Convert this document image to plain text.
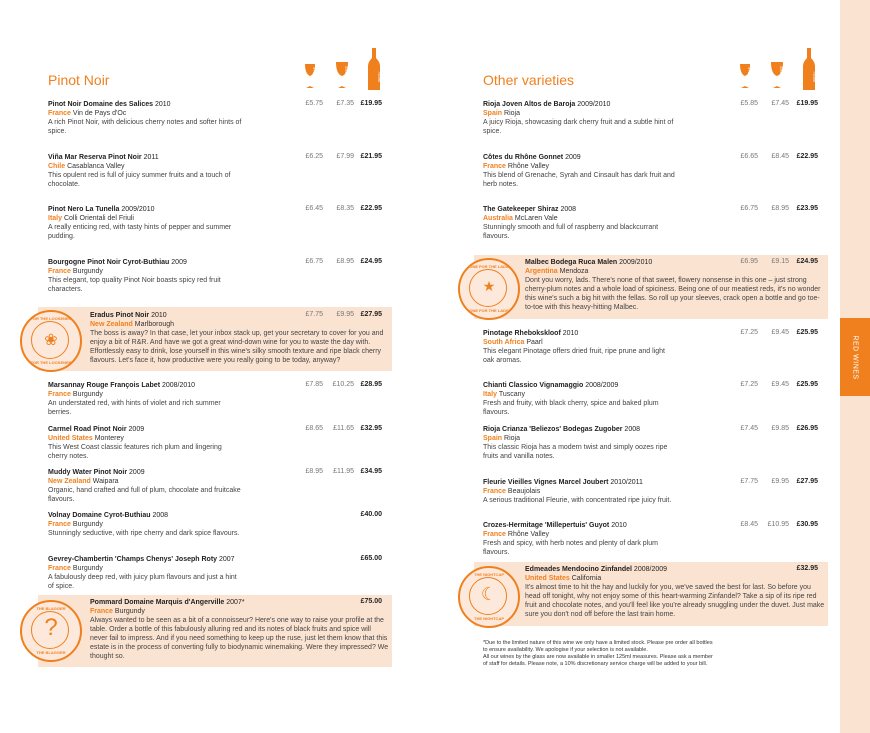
RED WINES
Pinot Noir	175ml	250ml	750ml
FOR THE LOOSENER
❀
FOR THE LOOSENER
THE BLAGGER
?
THE BLAGGER
Pinot Noir Domaine des Salices 2010
France Vin de Pays d'Oc
A rich Pinot Noir, with delicious cherry notes and softer hints of spice.
£5.75	£7.35 £19.95
Viña Mar Reserva Pinot Noir 2011
Chile Casablanca Valley
This opulent red is full of juicy summer fruits and a touch of chocolate.
£6.25	£7.99 £21.95
Pinot Nero La Tunella 2009/2010
Italy Colli Orientali del Friuli
A really enticing red, with tasty hints of pepper and summer pudding.
£6.45	£8.35 £22.95
Bourgogne Pinot Noir Cyrot-Buthiau 2009
France Burgundy
This elegant, top quality Pinot Noir boasts spicy red fruit characters.
£6.75	£8.95 £24.95
Eradus Pinot Noir 2010
New Zealand Marlborough
The boss is away? In that case, let your inbox stack up, get your secretary to cover for you and enjoy a bit of R&R. And have we got a great wind-down wine for you to waste the day with. Effortlessly easy to drink, lose yourself in this wine's silky smooth texture and ripe black cherry flavours. Let's face it, how productive were you really going to be today, anyway?
£7.75	£9.95 £27.95
Marsannay Rouge François Labet 2008/2010
France Burgundy
An understated red, with hints of violet and rich summer berries.
£7.85	£10.25 £28.95
Carmel Road Pinot Noir 2009
United States Monterey
This West Coast classic features rich plum and lingering cherry notes.
£8.65	£11.65 £32.95
Muddy Water Pinot Noir 2009
New Zealand Waipara
Organic, hand crafted and full of plum, chocolate and fruitcake flavours.
£8.95	£11.95 £34.95
Volnay Domaine Cyrot-Buthiau 2008
France Burgundy
Stunningly seductive, with ripe cherry and dark spice flavours.
£40.00
Gevrey-Chambertin 'Champs Chenys' Joseph Roty 2007
France Burgundy
A fabulously deep red, with juicy plum flavours and just a hint of spice.
£65.00
Pommard Domaine Marquis d'Angerville 2007*
France Burgundy
Always wanted to be seen as a bit of a connoisseur? Here's one way to raise your profile at the table. Order a bottle of this fabulously alluring red and its notes of black fruits and spice will never fail to impress. And if you need something to keep up the ruse, just let them know that this estate is in the process of converting fully to biodynamic winemaking. Were they impressed? We thought so.
£75.00
Other varieties	175ml	250ml	750ml
ONE FOR THE LADS
★
ONE FOR THE LADS
THE NIGHTCAP
☾
THE NIGHTCAP
Rioja Joven Altos de Baroja 2009/2010
Spain Rioja
A juicy Rioja, showcasing dark cherry fruit and a subtle hint of spice.
£5.85	£7.45	£19.95
Côtes du Rhône Gonnet 2009
France Rhône Valley
This blend of Grenache, Syrah and Cinsault has dark fruit and herb notes.
£6.65	£8.45	£22.95
The Gatekeeper Shiraz 2008
Australia McLaren Vale
Stunningly smooth and full of raspberry and blackcurrant flavours.
£6.75	£8.95	£23.95
Malbec Bodega Ruca Malen 2009/2010
Argentina Mendoza
Dont you worry, lads. There's none of that sweet, flowery nonsense in this one – just strong cherry-plum notes and a whole load of spiciness. Being one of our meatiest reds, it's no wonder this wine's such a big hit with the fellas. So roll up your sleeves, crack open a bottle and go toe-to-toe with this heavy-hitting Malbec.
£6.95	£9.15	£24.95
Pinotage Rhebokskloof 2010
South Africa Paarl
This elegant Pinotage offers dried fruit, ripe prune and light oak aromas.
£7.25	£9.45	£25.95
Chianti Classico Vignamaggio 2008/2009
Italy Tuscany
Fresh and fruity, with black cherry, spice and baked plum flavours.
£7.25	£9.45	£25.95
Rioja Crianza 'Beliezos' Bodegas Zugober 2008
Spain Rioja
This classic Rioja has a modern twist and simply oozes ripe fruits and vanilla notes.
£7.45	£9.85	£26.95
Fleurie Vieilles Vignes Marcel Joubert 2010/2011
France Beaujolais
A serious traditional Fleurie, with concentrated ripe juicy fruit.
£7.75	£9.95	£27.95
Crozes-Hermitage 'Millepertuis' Guyot 2010
France Rhône Valley
Fresh and spicy, with herb notes and plenty of dark plum flavours.
£8.45	£10.95	£30.95
Edmeades Mendocino Zinfandel 2008/2009
United States California
It's almost time to hit the hay and luckily for you, we've saved the best for last. So before you head off tonight, why not enjoy some of this heart-warming Zinfandel? Take a sip of its ripe red fruit and chocolate notes, and you'll feel like you're already snuggling under the duvet. Just make sure you don't nod off before the last train home.
£32.95
*Due to the limited nature of this wine we only have a limited stock. Please pre order all bottles
to ensure availability. We apologise if your selection is not available.
All our wines by the glass are now available in smaller 125ml measures. Please ask a member
of staff for details. Please note, a 10% discretionary service charge will be added to your bill.
